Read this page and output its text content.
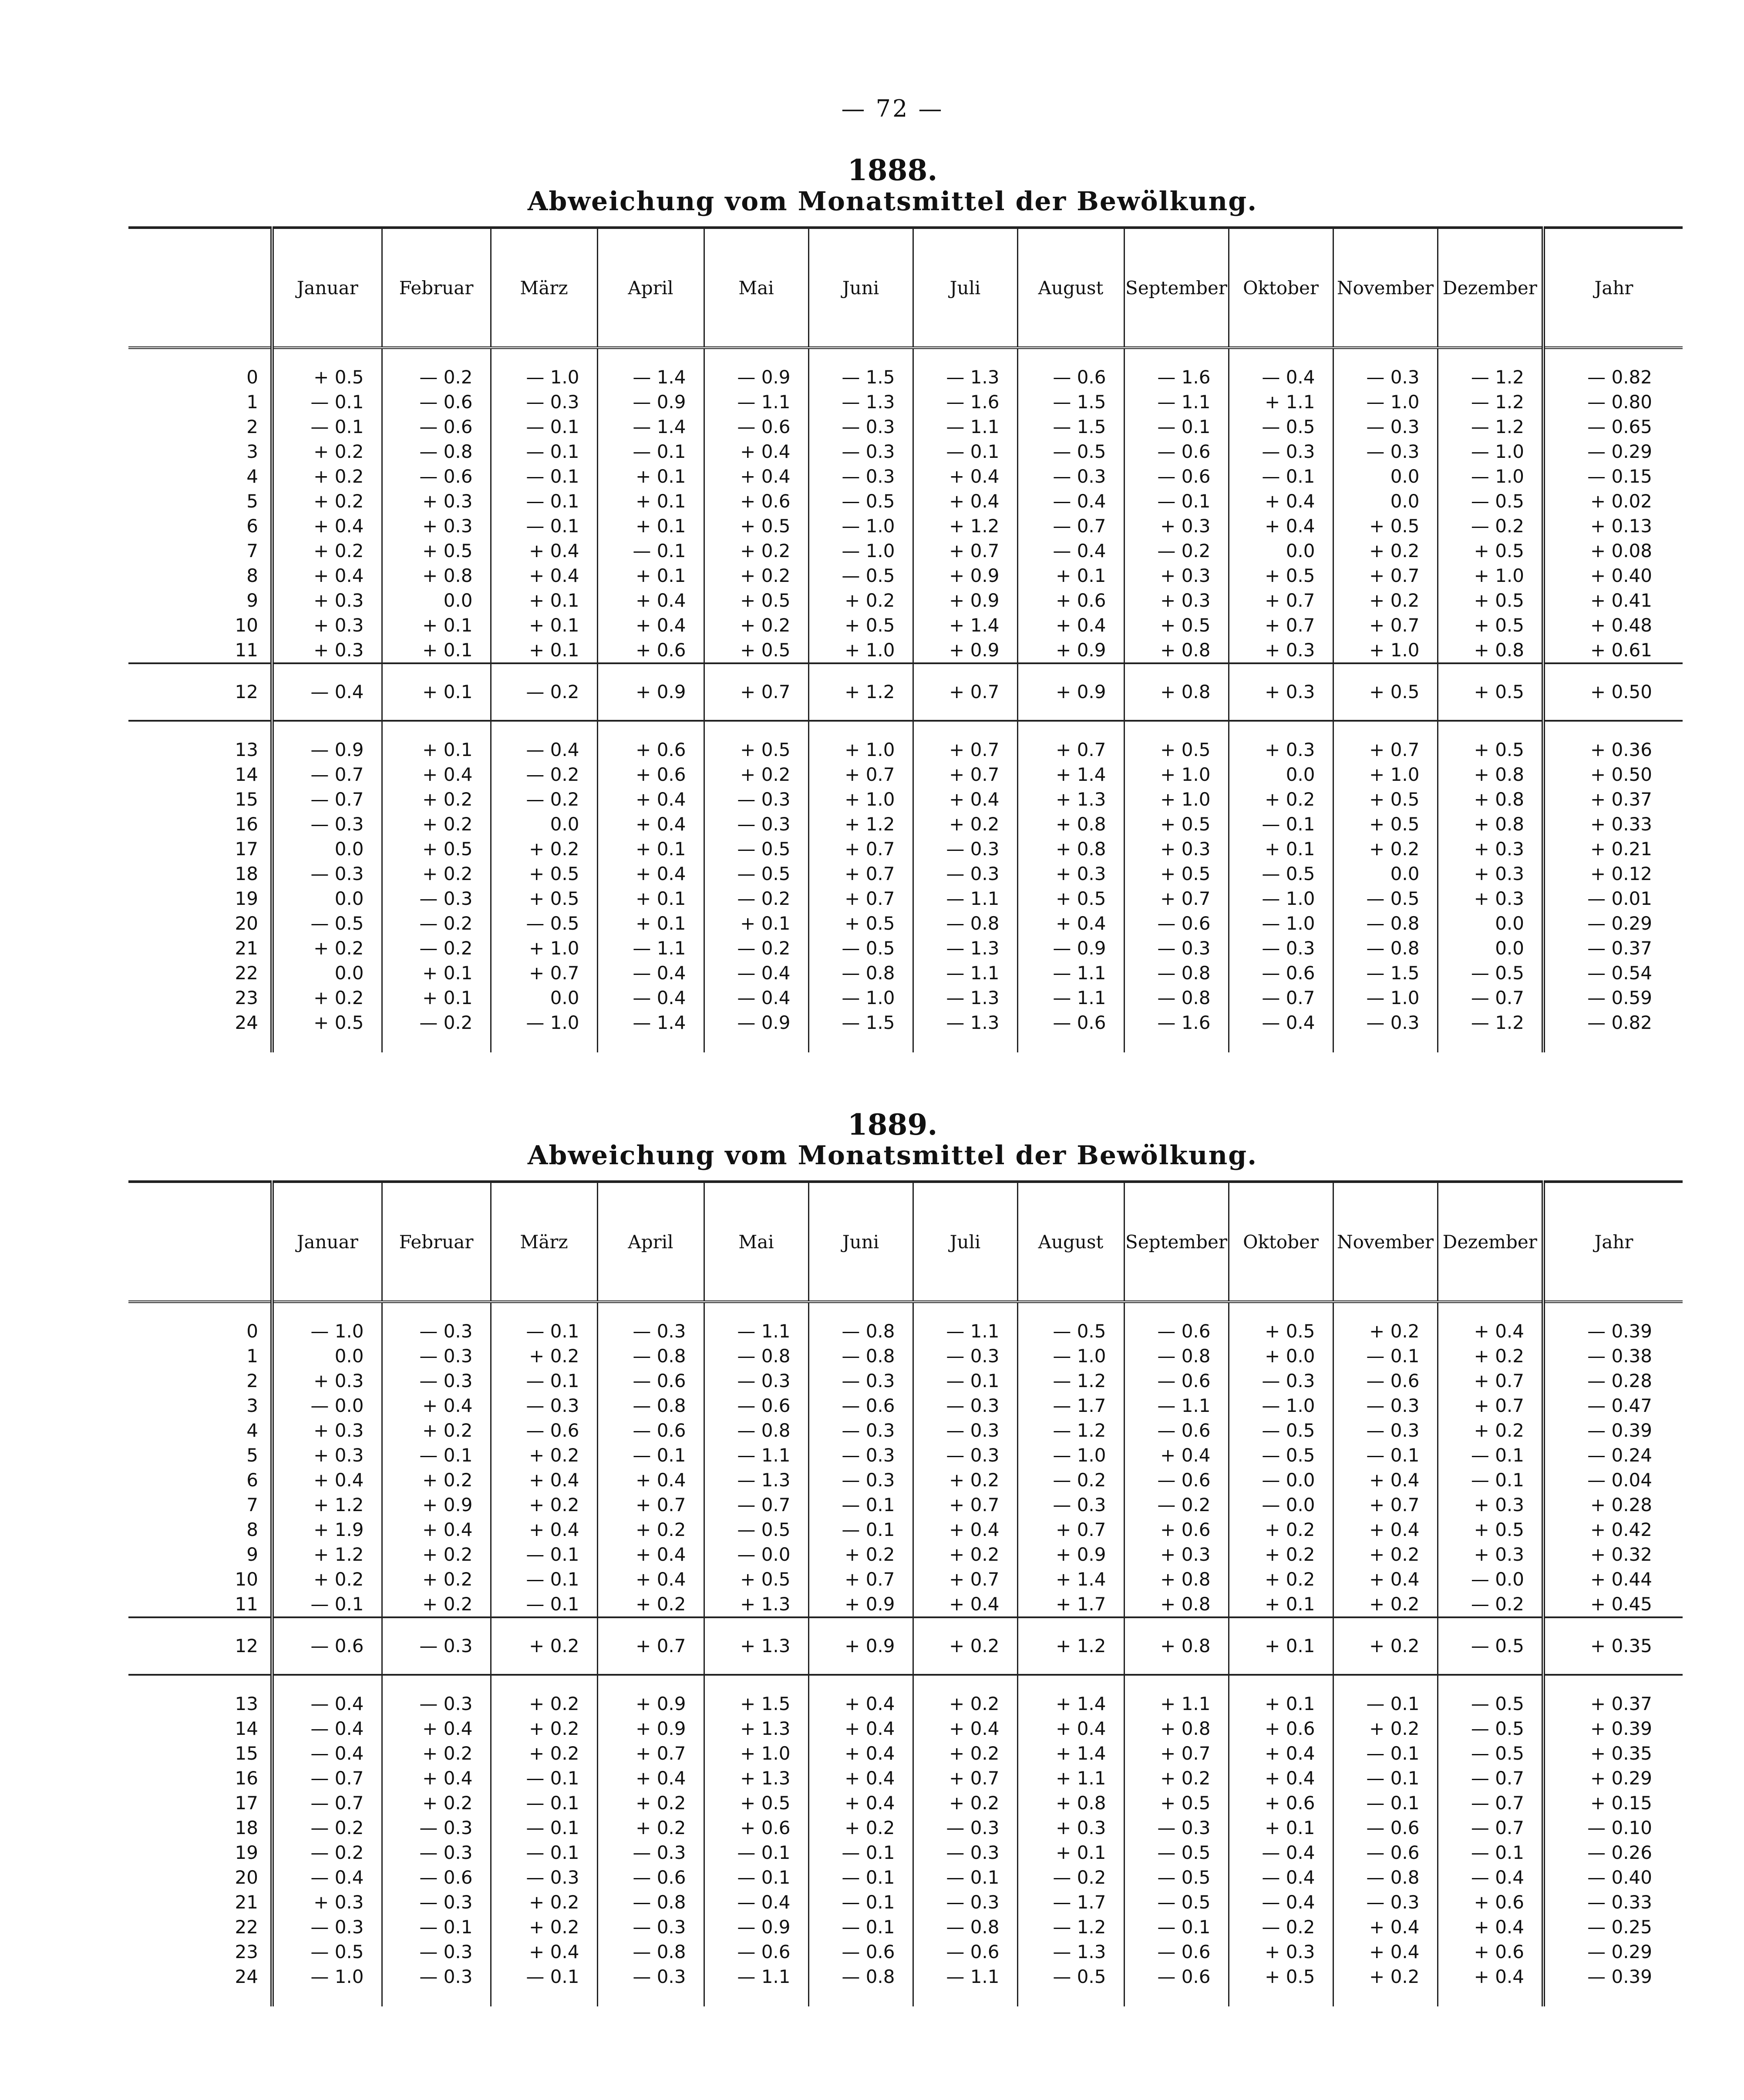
— 72 —
1888.
Abweichung vom Monatsmittel der Bewölkung.
	Januar	Februar	März	April	Mai	Juni	Juli	August	September	Oktober	November	Dezember	Jahr
0	+ 0.5	— 0.2	— 1.0	— 1.4	— 0.9	— 1.5	— 1.3	— 0.6	— 1.6	— 0.4	— 0.3	— 1.2	— 0.82
1	— 0.1	— 0.6	— 0.3	— 0.9	— 1.1	— 1.3	— 1.6	— 1.5	— 1.1	+ 1.1	— 1.0	— 1.2	— 0.80
2	— 0.1	— 0.6	— 0.1	— 1.4	— 0.6	— 0.3	— 1.1	— 1.5	— 0.1	— 0.5	— 0.3	— 1.2	— 0.65
3	+ 0.2	— 0.8	— 0.1	— 0.1	+ 0.4	— 0.3	— 0.1	— 0.5	— 0.6	— 0.3	— 0.3	— 1.0	— 0.29
4	+ 0.2	— 0.6	— 0.1	+ 0.1	+ 0.4	— 0.3	+ 0.4	— 0.3	— 0.6	— 0.1	0.0	— 1.0	— 0.15
5	+ 0.2	+ 0.3	— 0.1	+ 0.1	+ 0.6	— 0.5	+ 0.4	— 0.4	— 0.1	+ 0.4	0.0	— 0.5	+ 0.02
6	+ 0.4	+ 0.3	— 0.1	+ 0.1	+ 0.5	— 1.0	+ 1.2	— 0.7	+ 0.3	+ 0.4	+ 0.5	— 0.2	+ 0.13
7	+ 0.2	+ 0.5	+ 0.4	— 0.1	+ 0.2	— 1.0	+ 0.7	— 0.4	— 0.2	0.0	+ 0.2	+ 0.5	+ 0.08
8	+ 0.4	+ 0.8	+ 0.4	+ 0.1	+ 0.2	— 0.5	+ 0.9	+ 0.1	+ 0.3	+ 0.5	+ 0.7	+ 1.0	+ 0.40
9	+ 0.3	0.0	+ 0.1	+ 0.4	+ 0.5	+ 0.2	+ 0.9	+ 0.6	+ 0.3	+ 0.7	+ 0.2	+ 0.5	+ 0.41
10	+ 0.3	+ 0.1	+ 0.1	+ 0.4	+ 0.2	+ 0.5	+ 1.4	+ 0.4	+ 0.5	+ 0.7	+ 0.7	+ 0.5	+ 0.48
11	+ 0.3	+ 0.1	+ 0.1	+ 0.6	+ 0.5	+ 1.0	+ 0.9	+ 0.9	+ 0.8	+ 0.3	+ 1.0	+ 0.8	+ 0.61
12	— 0.4	+ 0.1	— 0.2	+ 0.9	+ 0.7	+ 1.2	+ 0.7	+ 0.9	+ 0.8	+ 0.3	+ 0.5	+ 0.5	+ 0.50
13	— 0.9	+ 0.1	— 0.4	+ 0.6	+ 0.5	+ 1.0	+ 0.7	+ 0.7	+ 0.5	+ 0.3	+ 0.7	+ 0.5	+ 0.36
14	— 0.7	+ 0.4	— 0.2	+ 0.6	+ 0.2	+ 0.7	+ 0.7	+ 1.4	+ 1.0	0.0	+ 1.0	+ 0.8	+ 0.50
15	— 0.7	+ 0.2	— 0.2	+ 0.4	— 0.3	+ 1.0	+ 0.4	+ 1.3	+ 1.0	+ 0.2	+ 0.5	+ 0.8	+ 0.37
16	— 0.3	+ 0.2	0.0	+ 0.4	— 0.3	+ 1.2	+ 0.2	+ 0.8	+ 0.5	— 0.1	+ 0.5	+ 0.8	+ 0.33
17	0.0	+ 0.5	+ 0.2	+ 0.1	— 0.5	+ 0.7	— 0.3	+ 0.8	+ 0.3	+ 0.1	+ 0.2	+ 0.3	+ 0.21
18	— 0.3	+ 0.2	+ 0.5	+ 0.4	— 0.5	+ 0.7	— 0.3	+ 0.3	+ 0.5	— 0.5	0.0	+ 0.3	+ 0.12
19	0.0	— 0.3	+ 0.5	+ 0.1	— 0.2	+ 0.7	— 1.1	+ 0.5	+ 0.7	— 1.0	— 0.5	+ 0.3	— 0.01
20	— 0.5	— 0.2	— 0.5	+ 0.1	+ 0.1	+ 0.5	— 0.8	+ 0.4	— 0.6	— 1.0	— 0.8	0.0	— 0.29
21	+ 0.2	— 0.2	+ 1.0	— 1.1	— 0.2	— 0.5	— 1.3	— 0.9	— 0.3	— 0.3	— 0.8	0.0	— 0.37
22	0.0	+ 0.1	+ 0.7	— 0.4	— 0.4	— 0.8	— 1.1	— 1.1	— 0.8	— 0.6	— 1.5	— 0.5	— 0.54
23	+ 0.2	+ 0.1	0.0	— 0.4	— 0.4	— 1.0	— 1.3	— 1.1	— 0.8	— 0.7	— 1.0	— 0.7	— 0.59
24	+ 0.5	— 0.2	— 1.0	— 1.4	— 0.9	— 1.5	— 1.3	— 0.6	— 1.6	— 0.4	— 0.3	— 1.2	— 0.82
1889.
Abweichung vom Monatsmittel der Bewölkung.
	Januar	Februar	März	April	Mai	Juni	Juli	August	September	Oktober	November	Dezember	Jahr
0	— 1.0	— 0.3	— 0.1	— 0.3	— 1.1	— 0.8	— 1.1	— 0.5	— 0.6	+ 0.5	+ 0.2	+ 0.4	— 0.39
1	0.0	— 0.3	+ 0.2	— 0.8	— 0.8	— 0.8	— 0.3	— 1.0	— 0.8	+ 0.0	— 0.1	+ 0.2	— 0.38
2	+ 0.3	— 0.3	— 0.1	— 0.6	— 0.3	— 0.3	— 0.1	— 1.2	— 0.6	— 0.3	— 0.6	+ 0.7	— 0.28
3	— 0.0	+ 0.4	— 0.3	— 0.8	— 0.6	— 0.6	— 0.3	— 1.7	— 1.1	— 1.0	— 0.3	+ 0.7	— 0.47
4	+ 0.3	+ 0.2	— 0.6	— 0.6	— 0.8	— 0.3	— 0.3	— 1.2	— 0.6	— 0.5	— 0.3	+ 0.2	— 0.39
5	+ 0.3	— 0.1	+ 0.2	— 0.1	— 1.1	— 0.3	— 0.3	— 1.0	+ 0.4	— 0.5	— 0.1	— 0.1	— 0.24
6	+ 0.4	+ 0.2	+ 0.4	+ 0.4	— 1.3	— 0.3	+ 0.2	— 0.2	— 0.6	— 0.0	+ 0.4	— 0.1	— 0.04
7	+ 1.2	+ 0.9	+ 0.2	+ 0.7	— 0.7	— 0.1	+ 0.7	— 0.3	— 0.2	— 0.0	+ 0.7	+ 0.3	+ 0.28
8	+ 1.9	+ 0.4	+ 0.4	+ 0.2	— 0.5	— 0.1	+ 0.4	+ 0.7	+ 0.6	+ 0.2	+ 0.4	+ 0.5	+ 0.42
9	+ 1.2	+ 0.2	— 0.1	+ 0.4	— 0.0	+ 0.2	+ 0.2	+ 0.9	+ 0.3	+ 0.2	+ 0.2	+ 0.3	+ 0.32
10	+ 0.2	+ 0.2	— 0.1	+ 0.4	+ 0.5	+ 0.7	+ 0.7	+ 1.4	+ 0.8	+ 0.2	+ 0.4	— 0.0	+ 0.44
11	— 0.1	+ 0.2	— 0.1	+ 0.2	+ 1.3	+ 0.9	+ 0.4	+ 1.7	+ 0.8	+ 0.1	+ 0.2	— 0.2	+ 0.45
12	— 0.6	— 0.3	+ 0.2	+ 0.7	+ 1.3	+ 0.9	+ 0.2	+ 1.2	+ 0.8	+ 0.1	+ 0.2	— 0.5	+ 0.35
13	— 0.4	— 0.3	+ 0.2	+ 0.9	+ 1.5	+ 0.4	+ 0.2	+ 1.4	+ 1.1	+ 0.1	— 0.1	— 0.5	+ 0.37
14	— 0.4	+ 0.4	+ 0.2	+ 0.9	+ 1.3	+ 0.4	+ 0.4	+ 0.4	+ 0.8	+ 0.6	+ 0.2	— 0.5	+ 0.39
15	— 0.4	+ 0.2	+ 0.2	+ 0.7	+ 1.0	+ 0.4	+ 0.2	+ 1.4	+ 0.7	+ 0.4	— 0.1	— 0.5	+ 0.35
16	— 0.7	+ 0.4	— 0.1	+ 0.4	+ 1.3	+ 0.4	+ 0.7	+ 1.1	+ 0.2	+ 0.4	— 0.1	— 0.7	+ 0.29
17	— 0.7	+ 0.2	— 0.1	+ 0.2	+ 0.5	+ 0.4	+ 0.2	+ 0.8	+ 0.5	+ 0.6	— 0.1	— 0.7	+ 0.15
18	— 0.2	— 0.3	— 0.1	+ 0.2	+ 0.6	+ 0.2	— 0.3	+ 0.3	— 0.3	+ 0.1	— 0.6	— 0.7	— 0.10
19	— 0.2	— 0.3	— 0.1	— 0.3	— 0.1	— 0.1	— 0.3	+ 0.1	— 0.5	— 0.4	— 0.6	— 0.1	— 0.26
20	— 0.4	— 0.6	— 0.3	— 0.6	— 0.1	— 0.1	— 0.1	— 0.2	— 0.5	— 0.4	— 0.8	— 0.4	— 0.40
21	+ 0.3	— 0.3	+ 0.2	— 0.8	— 0.4	— 0.1	— 0.3	— 1.7	— 0.5	— 0.4	— 0.3	+ 0.6	— 0.33
22	— 0.3	— 0.1	+ 0.2	— 0.3	— 0.9	— 0.1	— 0.8	— 1.2	— 0.1	— 0.2	+ 0.4	+ 0.4	— 0.25
23	— 0.5	— 0.3	+ 0.4	— 0.8	— 0.6	— 0.6	— 0.6	— 1.3	— 0.6	+ 0.3	+ 0.4	+ 0.6	— 0.29
24	— 1.0	— 0.3	— 0.1	— 0.3	— 1.1	— 0.8	— 1.1	— 0.5	— 0.6	+ 0.5	+ 0.2	+ 0.4	— 0.39
